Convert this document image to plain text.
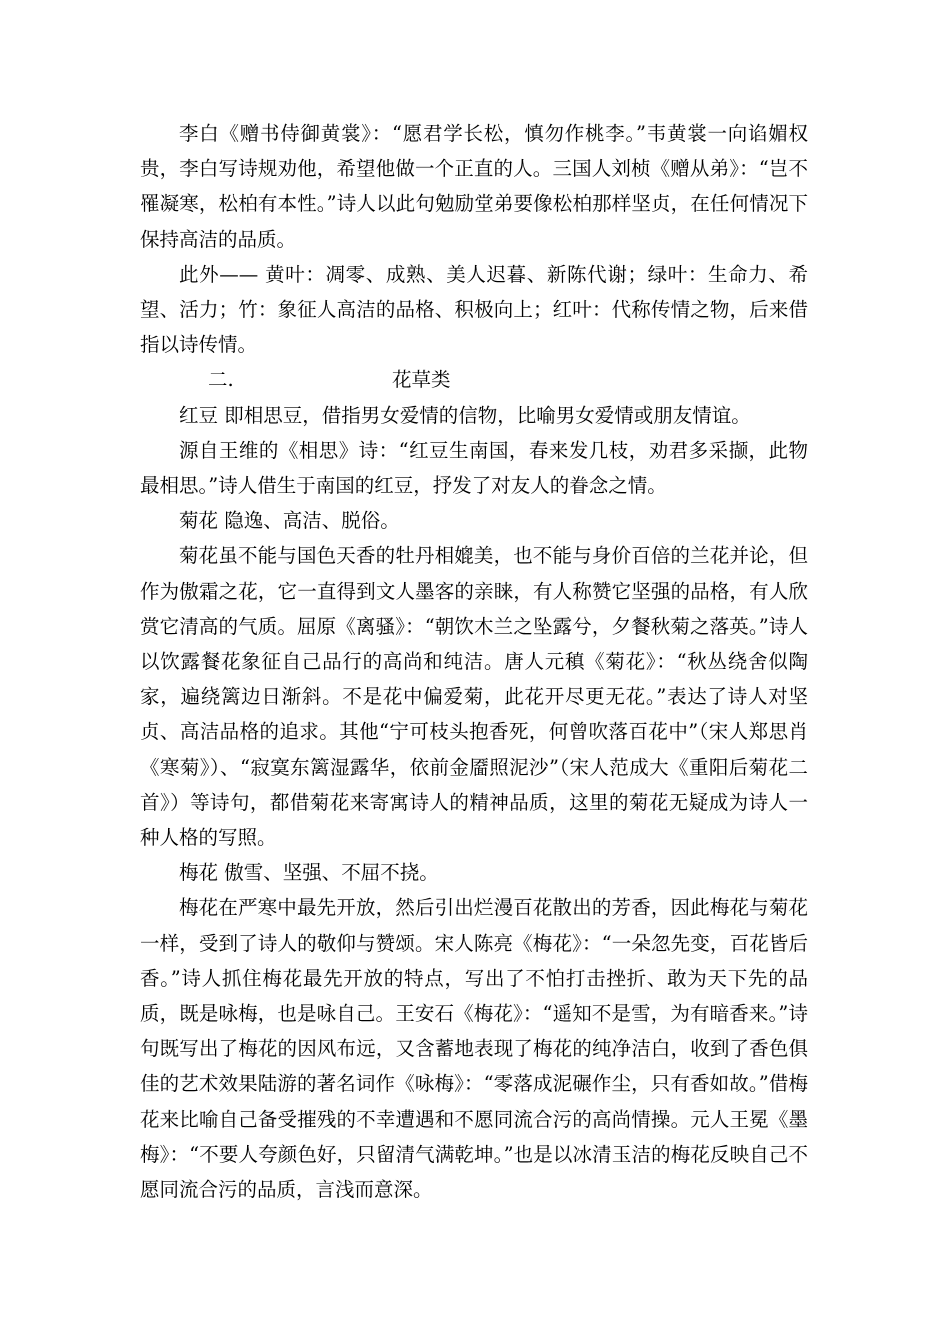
李白《赠书侍御黄裳》：“愿君学长松，慎勿作桃李。”韦黄裳一向谄媚权贵，李白写诗规劝他，希望他做一个正直的人。三国人刘桢《赠从弟》：“岂不罹凝寒，松柏有本性。”诗人以此句勉励堂弟要像松柏那样坚贞，在任何情况下保持高洁的品质。

此外—— 黄叶：凋零、成熟、美人迟暮、新陈代谢；绿叶：生命力、希望、活力；竹：象征人高洁的品格、积极向上；红叶：代称传情之物，后来借指以诗传情。

二.	花草类

红豆 即相思豆，借指男女爱情的信物，比喻男女爱情或朋友情谊。

源自王维的《相思》诗：“红豆生南国，春来发几枝，劝君多采撷，此物最相思。”诗人借生于南国的红豆，抒发了对友人的眷念之情。

菊花 隐逸、高洁、脱俗。

菊花虽不能与国色天香的牡丹相媲美，也不能与身价百倍的兰花并论，但作为傲霜之花，它一直得到文人墨客的亲睐，有人称赞它坚强的品格，有人欣赏它清高的气质。屈原《离骚》：“朝饮木兰之坠露兮，夕餐秋菊之落英。”诗人以饮露餐花象征自己品行的高尚和纯洁。唐人元稹《菊花》：“秋丛绕舍似陶家，遍绕篱边日渐斜。不是花中偏爱菊，此花开尽更无花。”表达了诗人对坚贞、高洁品格的追求。其他“宁可枝头抱香死，何曾吹落百花中”（宋人郑思肖《寒菊》）、“寂寞东篱湿露华，依前金靥照泥沙”（宋人范成大《重阳后菊花二首》）等诗句，都借菊花来寄寓诗人的精神品质，这里的菊花无疑成为诗人一种人格的写照。

梅花 傲雪、坚强、不屈不挠。

梅花在严寒中最先开放，然后引出烂漫百花散出的芳香，因此梅花与菊花一样，受到了诗人的敬仰与赞颂。宋人陈亮《梅花》：“一朵忽先变，百花皆后香。”诗人抓住梅花最先开放的特点，写出了不怕打击挫折、敢为天下先的品质，既是咏梅，也是咏自己。王安石《梅花》：“遥知不是雪，为有暗香来。”诗句既写出了梅花的因风布远，又含蓄地表现了梅花的纯净洁白，收到了香色俱佳的艺术效果陆游的著名词作《咏梅》：“零落成泥碾作尘，只有香如故。”借梅花来比喻自己备受摧残的不幸遭遇和不愿同流合污的高尚情操。元人王冕《墨梅》：“不要人夸颜色好，只留清气满乾坤。”也是以冰清玉洁的梅花反映自己不愿同流合污的品质，言浅而意深。
